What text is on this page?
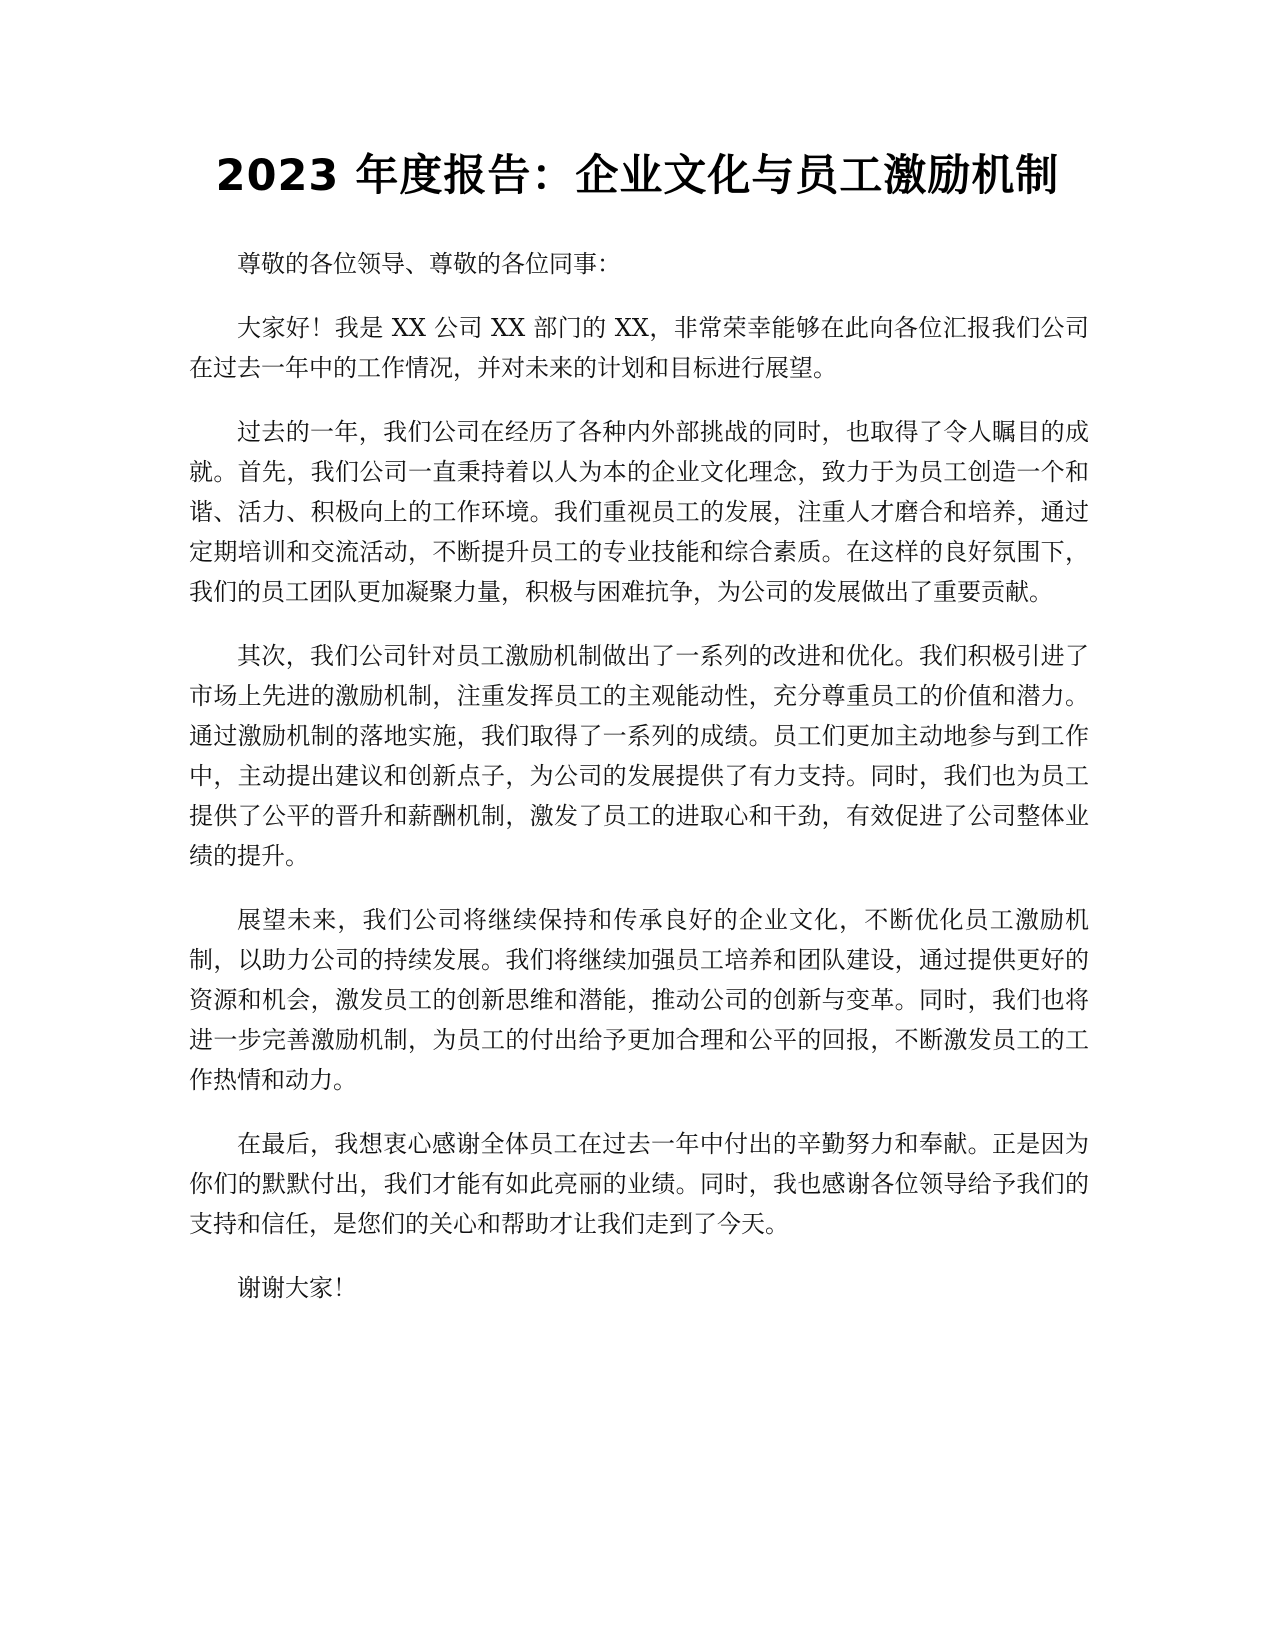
2023 年度报告：企业文化与员工激励机制

尊敬的各位领导、尊敬的各位同事：

大家好！我是 XX 公司 XX 部门的 XX，非常荣幸能够在此向各位汇报我们公司在过去一年中的工作情况，并对未来的计划和目标进行展望。

过去的一年，我们公司在经历了各种内外部挑战的同时，也取得了令人瞩目的成就。首先，我们公司一直秉持着以人为本的企业文化理念，致力于为员工创造一个和谐、活力、积极向上的工作环境。我们重视员工的发展，注重人才磨合和培养，通过定期培训和交流活动，不断提升员工的专业技能和综合素质。在这样的良好氛围下，我们的员工团队更加凝聚力量，积极与困难抗争，为公司的发展做出了重要贡献。

其次，我们公司针对员工激励机制做出了一系列的改进和优化。我们积极引进了市场上先进的激励机制，注重发挥员工的主观能动性，充分尊重员工的价值和潜力。通过激励机制的落地实施，我们取得了一系列的成绩。员工们更加主动地参与到工作中，主动提出建议和创新点子，为公司的发展提供了有力支持。同时，我们也为员工提供了公平的晋升和薪酬机制，激发了员工的进取心和干劲，有效促进了公司整体业绩的提升。

展望未来，我们公司将继续保持和传承良好的企业文化，不断优化员工激励机制，以助力公司的持续发展。我们将继续加强员工培养和团队建设，通过提供更好的资源和机会，激发员工的创新思维和潜能，推动公司的创新与变革。同时，我们也将进一步完善激励机制，为员工的付出给予更加合理和公平的回报，不断激发员工的工作热情和动力。

在最后，我想衷心感谢全体员工在过去一年中付出的辛勤努力和奉献。正是因为你们的默默付出，我们才能有如此亮丽的业绩。同时，我也感谢各位领导给予我们的支持和信任，是您们的关心和帮助才让我们走到了今天。

谢谢大家！
